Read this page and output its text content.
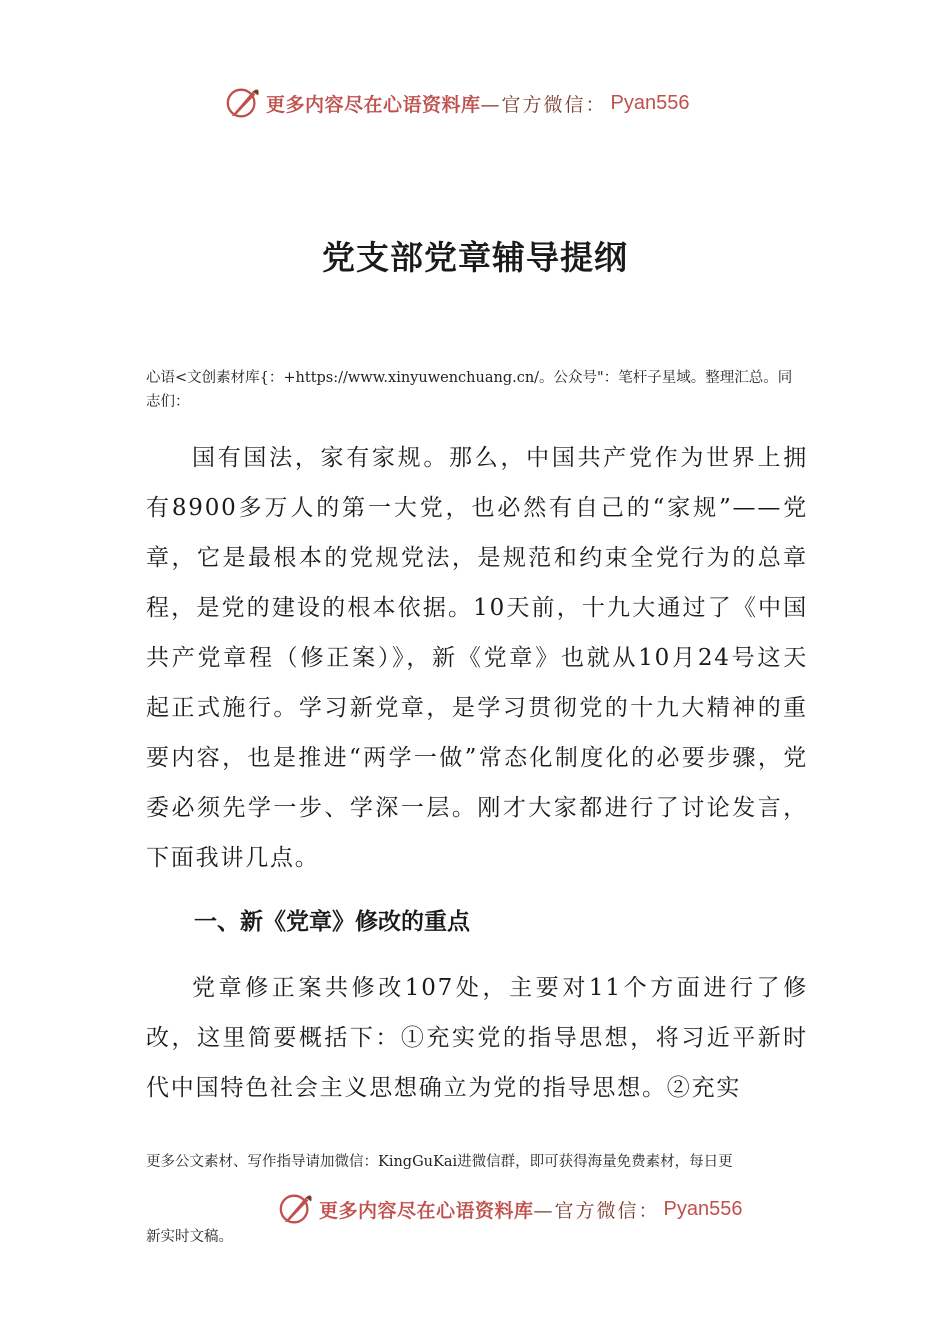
更多内容尽在心语资料库 —官方微信： Pyan556
党支部党章辅导提纲

心语<文创素材库{：+https://www.xinyuwenchuang.cn/。公众号"：笔杆子星域。整理汇总。同志们：

国有国法，家有家规。那么，中国共产党作为世界上拥有8900多万人的第一大党，也必然有自己的“家规”——党章，它是最根本的党规党法，是规范和约束全党行为的总章程，是党的建设的根本依据。10天前，十九大通过了《中国共产党章程（修正案）》，新《党章》也就从10月24号这天起正式施行。学习新党章，是学习贯彻党的十九大精神的重要内容，也是推进“两学一做”常态化制度化的必要步骤，党委必须先学一步、学深一层。刚才大家都进行了讨论发言，下面我讲几点。

一、新《党章》修改的重点

党章修正案共修改107处，主要对11个方面进行了修改，这里简要概括下：①充实党的指导思想，将习近平新时代中国特色社会主义思想确立为党的指导思想。②充实

更多公文素材、写作指导请加微信：KingGuKai进微信群，即可获得海量免费素材，每日更

更多内容尽在心语资料库 —官方微信： Pyan556

新实时文稿。
